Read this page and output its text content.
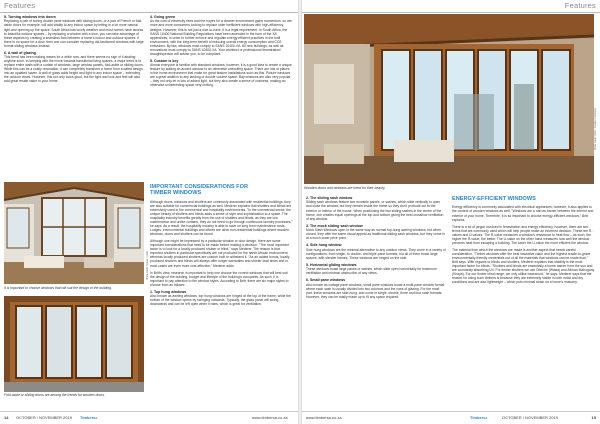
Features

5. Turning windows into doors

Replacing a pair of boring double pane windows with sliding doors, or a pair of French or fold-aside doors for example, will add vitality to any indoor space by letting in a lot more natural light and opening up the space. South Africa has lovely weather and most homes have access to beautiful outdoor spaces – by replacing a window with a door, you can take advantage of these aspects by creating a seamless flow between a home's indoor and outdoor spaces. If there is no space for a door, then one can consider replacing old-fashioned windows with large format sliding windows instead.

6. A wall of glazing

This trend has been making waves for a while now, and there seems no sign of it abating anytime soon. In keeping with the move towards transitional living spaces, a major trend is to replace entire walls with a curtain of windows, large window panels, fold-aside or sliding doors. While this can be a costly renovation, it can completely transform a home from a dated design, into an updated haven. A wall of glass adds height and light to any indoor space – extending the outdoor views. However, this not only looks good, but the light and look and feel will also add great resale value to your home.

4. Going green

As the cost of electricity rises and the hopes for a cleaner environment gains momentum, so are more and more consumers looking to replace older inefficient windows with high-efficiency designs. However, this is not just a nice-to-have, it is a legal requirement. In South Africa, the SANS 10400 National Building Regulations have been amended in the form of the XA appendices, in order to further enforce and regulate energy efficient practices in the built environment, with the long-term benefit of reducing overall energy consumption and CO2 emissions. By law, windows must comply to SANS 10400-XA. All new buildings, as well as renovations must comply to SANS 10400-XA. Your architect or professional fenestration/ draughtsperson will advise you, to be compliant.

5. Custom is key

Almost everyone is familiar with standard windows; however, it is a good idea to create a unique feature by adding an accent window to an otherwise unexciting space. There are lots of places in the home environment that make for great feature installations such as this. Picture windows are a great addition to any landing or double volume space. Bay windows are also very popular – they not only let in lots of added light, but they also create a sense of coziness, making an otherwise uninteresting space very inviting.

It is important to choose windows that will suit the design of the building.
Photo credit: Sylvan / Flickr
Fold-aside or sliding doors are among the trends for wooden doors.

IMPORTANT CONSIDERATIONS FOR

TIMBER WINDOWS

Although doors, windows and shutters are commonly associated with residential buildings, they are also suitable for commercial buildings as well. Mederer explains that shutters and blinds are extensively used in the commercial and hospitality environments. "In the commercial sector, the unique beauty of shutters and blinds adds a sense of style and sophistication to a space. The hospitality industry benefits greatly from the use of shutters and blinds, as they are low maintenance and unlike curtains, they do not need to go through continuous laundry processes," he says. As a result, the hospitality industry is able to save on long term maintenance costs. Lodges, environmental buildings and offices are other non-residential buildings where wooden windows, doors and shutters can be found.

Although one might be impressed by a particular window or door design, there are some important considerations that need to be made before making a decision. "The most important factor is to look for a locally produced shutter or blind," says Mederer. The reason is that imported shutters in particular specifically are not produced for the harsh African environment, whereas locally produced shutters are custom built to withstand it. "As an added bonus, locally produced shutters and blinds will always offer longer warranties and shorter lead times and in most cases are even more cost-effective," Mederer adds.

In Britt's view, research is important to help one choose the correct windows that will best suit the design of the building, budget and lifestyle of the building's occupants. As such, it is important to pay attention to the window styles. According to Britt, there are six major styles to choose from as follows:

1. Top hung windows

Also known as awning windows, top hung windows are hinged at the top of the frame, while the bottom of the window opens by swinging outwards. Typically, the glass panel will swing downwards and can be left open when it rains, which is great for ventilation.

14 OCTOBER / NOVEMBER 2019 TimberSA	www.timbersa.co.za
Features
Wooden doors and windows are trend for their beauty.
Photo credit: Flickr / Creative Commons

2. The sliding sash window

Sliding sash windows feature two movable panels, or sashes, which slide vertically to open and close the window, but they remain inside the frame so they don't protrude out to the exterior or interior of the house. When positioning the two sliding sashes in the centre of the frame, one creates equal openings at the top and bottom giving the best crossflow ventilation of any window.

3. The mock sliding sash window

Mock Sash Windows open in the same way as normal top-hung awning windows, but when closed, they offer the same visual appeal as traditional sliding sash windows, but they come in at a much lower price point.

4. Side hung window

Side hung windows are the minimal alternative to any outdoor views. They come in a variety of configurations, from single- to double- and triple-pane formats, but all of them boast large spaces, with slender frames. These windows are hinged on the side.

5. Horizontal gliding windows

These windows boast large panes or sashes, which slide open horizontally for maximum ventilation and minimal obstruction of any views.

6. Small pane windows

Also known as cottage pane windows, small pane windows boast a multi-pane window format where each sash is usually divided into two columns and the rows of glazing. For the most part, these windows are side-hung, and come in single, double, three and four sash formats. However, they can be easily made up to fit any space required.

ENERGY-EFFICIENT WINDOWS

Energy efficiency is commonly associated with electrical appliances; however, it also applies to the context of wooden windows as well. "Windows are a narrow barrier between the interior and exterior of your home. Therefore, it is so important to choose energy-efficient windows," Britt explains.

There is a lot of jargon involved in fenestration and energy efficiency, however, there are two terms that are commonly used which will help people make an informed decision. These are R-values and U-values. The R-value measures a window's resistance to heat flow – as such, the higher the R-value, the better. The U-value on the other hand measures how well the window prevents heat from escaping a building. The lower the U-value the more efficient the window.

The material from which the windows are made is another aspect that needs careful consideration. "Timber windows offer the best insulative value and the highest cradle-to-grave environmentally-friendly credentials out of all the materials that windows can be made from," Britt says. With regards to blinds and shutters, Mederer explains that stability is the most important factor for blinds. "Shutters and blinds are essentially a home barrier from the sun and are constantly absorbing UV. For timber shutters we use Obeche (Wawa) and African Mahogany (Khaya). For our timber blind range, we only utilise basswood," he says. Mederer says that the reason for using such timbers is because they are extremely stable in both moist and dry conditions and are also lightweight – which puts minimal strain on a home's masonry.

www.timbersa.co.za	TimberSA	OCTOBER / NOVEMBER 2019	15
